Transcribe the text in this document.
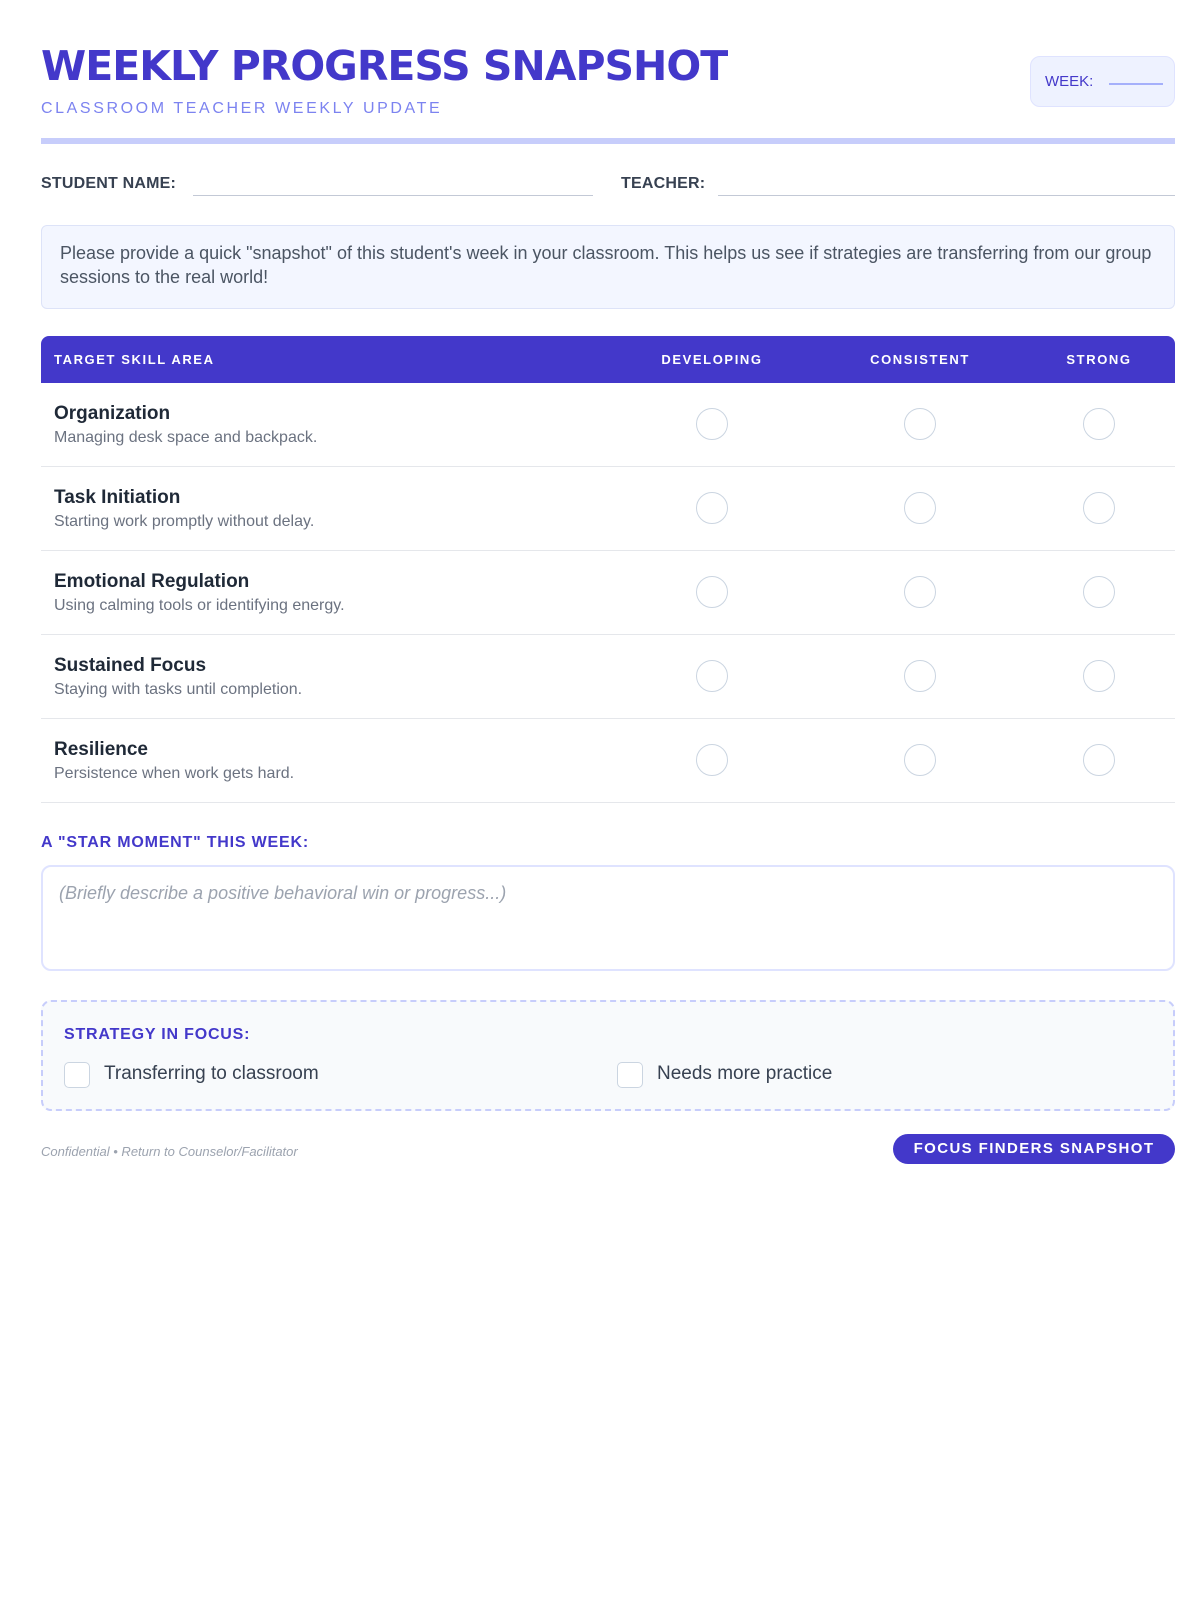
WEEKLY PROGRESS SNAPSHOT
CLASSROOM TEACHER WEEKLY UPDATE
WEEK:
STUDENT NAME:	TEACHER:
Please provide a quick "snapshot" of this student's week in your classroom. This helps us see if strategies are transferring from our group sessions to the real world!
TARGET SKILL AREA	DEVELOPING	CONSISTENT	STRONG
Organization
Managing desk space and backpack.
Task Initiation
Starting work promptly without delay.
Emotional Regulation
Using calming tools or identifying energy.
Sustained Focus
Staying with tasks until completion.
Resilience
Persistence when work gets hard.
A "STAR MOMENT" THIS WEEK:
(Briefly describe a positive behavioral win or progress...)
STRATEGY IN FOCUS:
Transferring to classroom	Needs more practice
Confidential • Return to Counselor/Facilitator	FOCUS FINDERS SNAPSHOT
